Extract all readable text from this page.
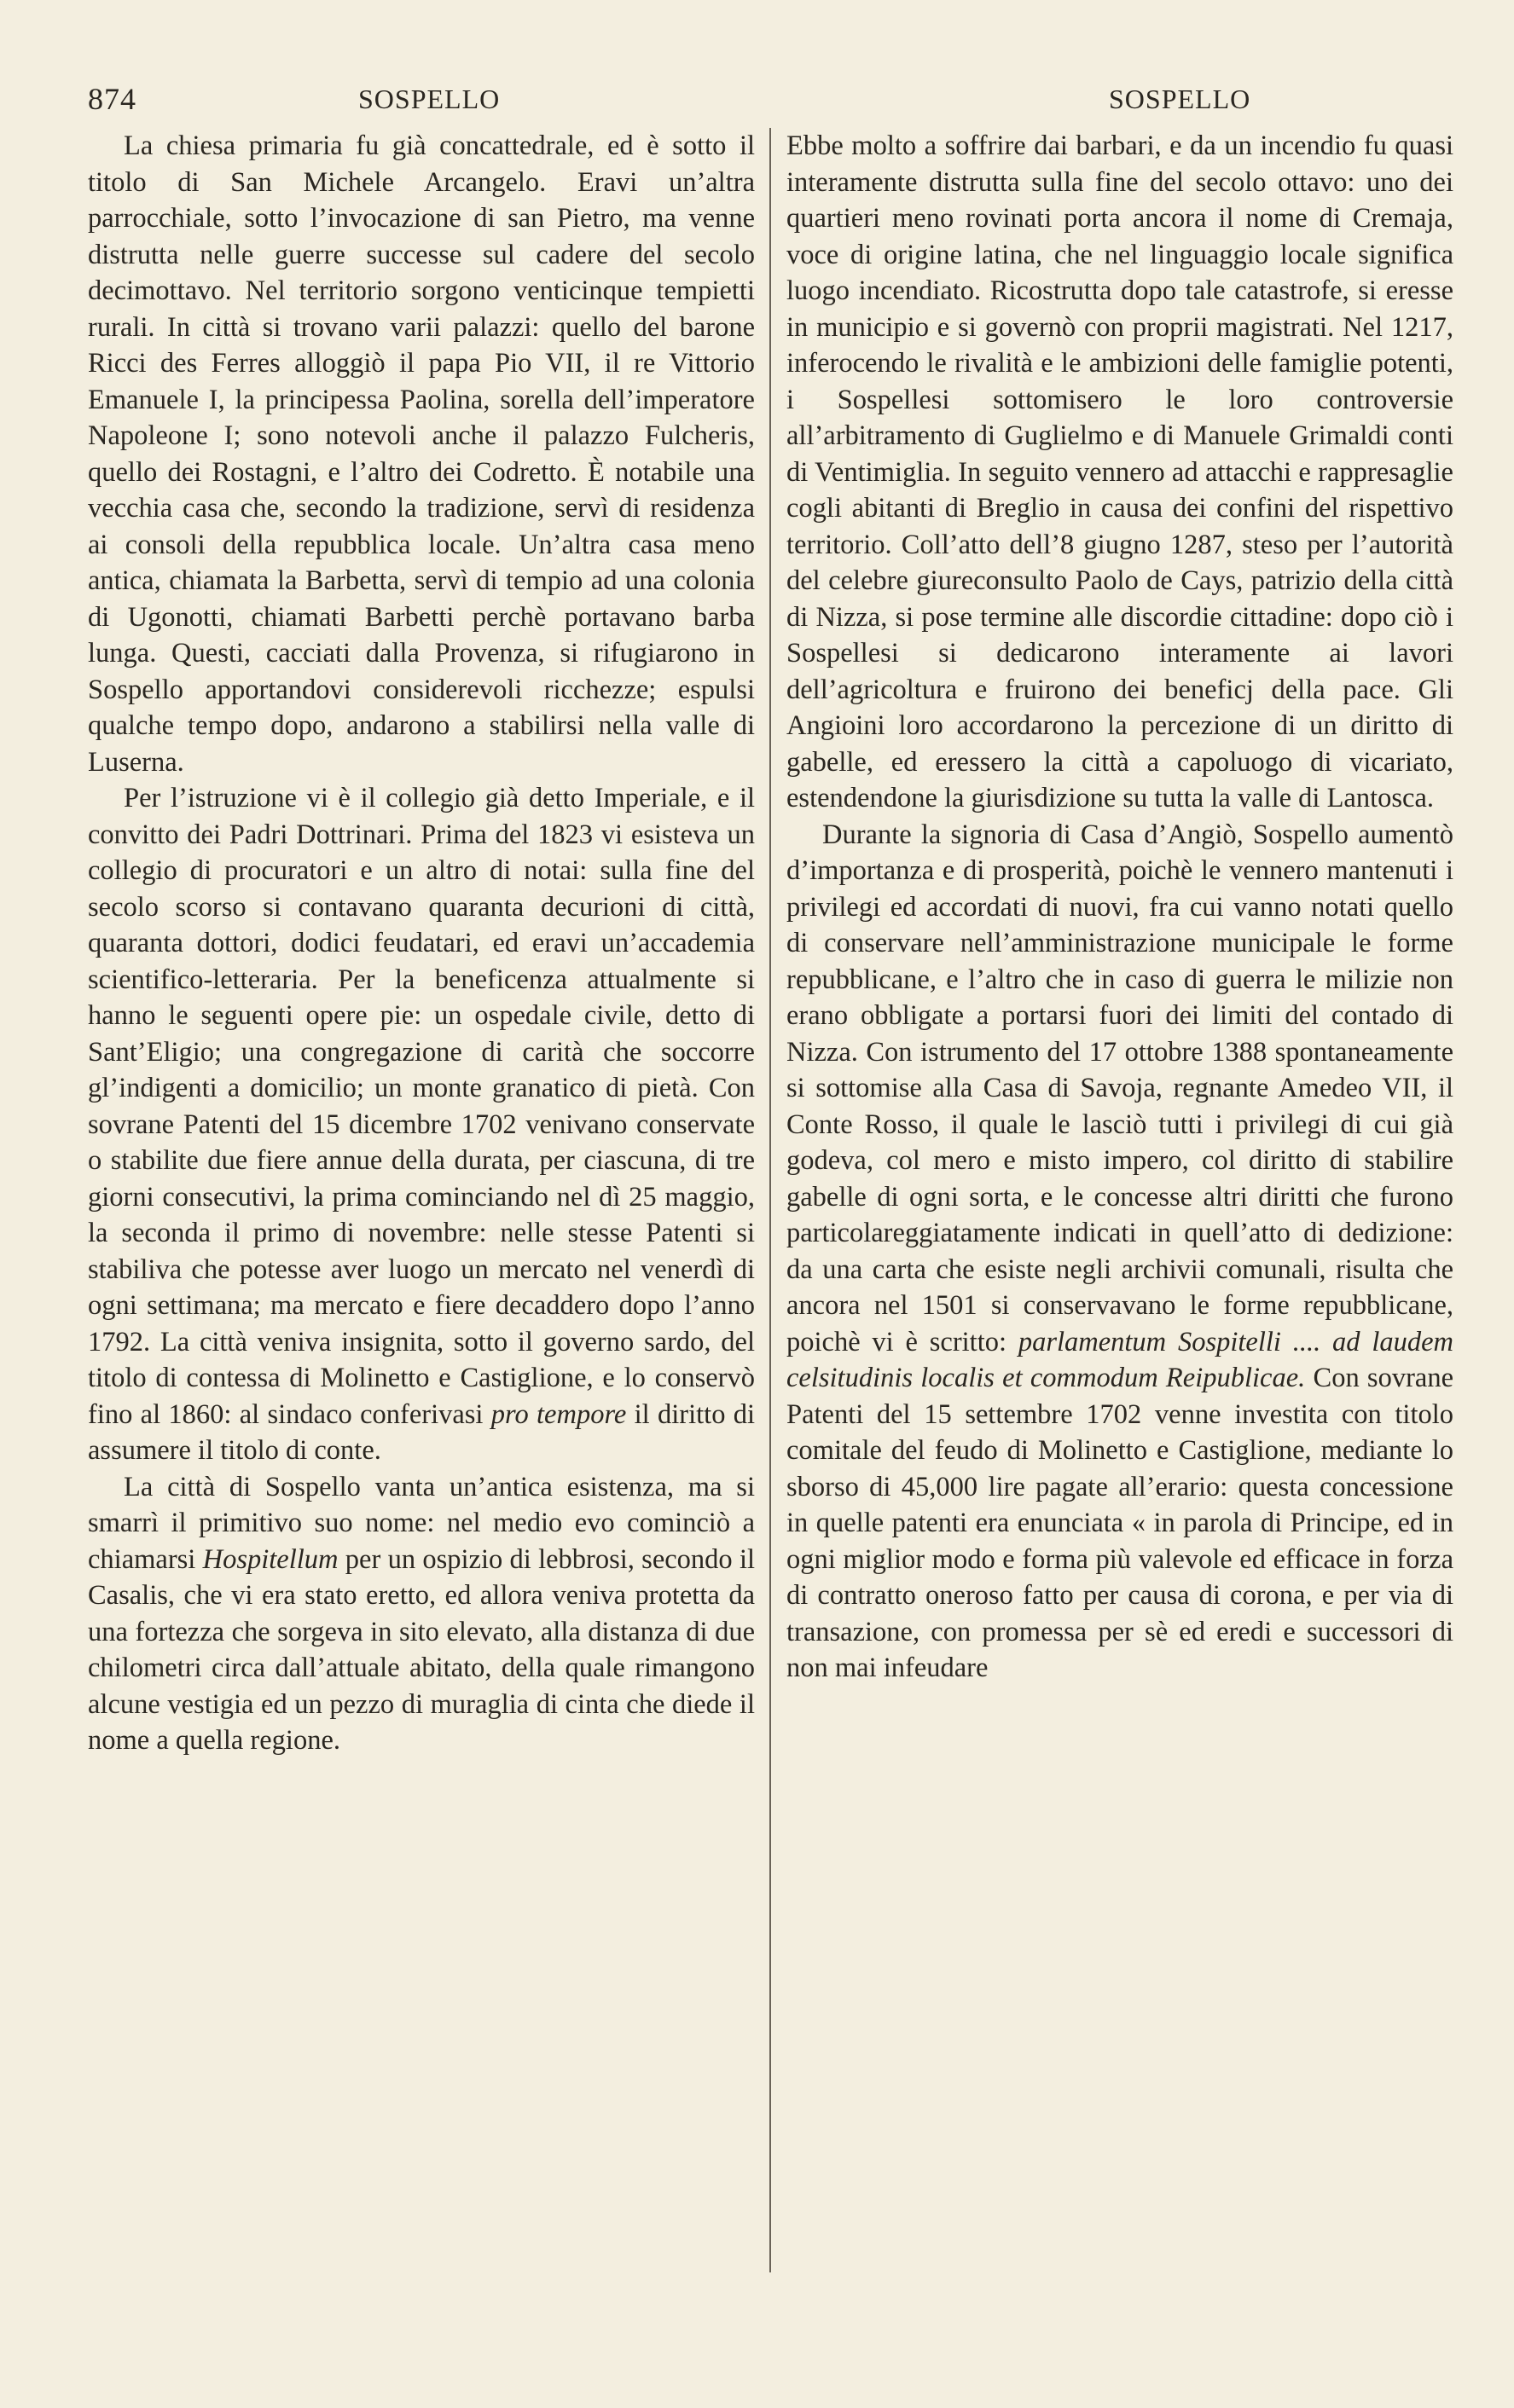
874	SOSPELLO	SOSPELLO

La chiesa primaria fu già concattedrale, ed è sotto il titolo di San Michele Arcangelo. Eravi un’altra parrocchiale, sotto l’invocazione di san Pietro, ma venne distrutta nelle guerre successe sul cadere del secolo decimottavo. Nel territorio sorgono venticinque tempietti rurali. In città si trovano varii palazzi: quello del barone Ricci des Ferres alloggiò il papa Pio VII, il re Vittorio Emanuele I, la principessa Paolina, sorella dell’imperatore Napoleone I; sono notevoli anche il palazzo Fulcheris, quello dei Rostagni, e l’altro dei Codretto. È notabile una vecchia casa che, secondo la tradizione, servì di residenza ai consoli della repubblica locale. Un’altra casa meno antica, chiamata la Barbetta, servì di tempio ad una colonia di Ugonotti, chiamati Barbetti perchè portavano barba lunga. Questi, cacciati dalla Provenza, si rifugiarono in Sospello apportandovi considerevoli ricchezze; espulsi qualche tempo dopo, andarono a stabilirsi nella valle di Luserna.

Per l’istruzione vi è il collegio già detto Imperiale, e il convitto dei Padri Dottrinari. Prima del 1823 vi esisteva un collegio di procuratori e un altro di notai: sulla fine del secolo scorso si contavano quaranta decurioni di città, quaranta dottori, dodici feudatari, ed eravi un’accademia scientifico-letteraria. Per la beneficenza attualmente si hanno le seguenti opere pie: un ospedale civile, detto di Sant’Eligio; una congregazione di carità che soccorre gl’indigenti a domicilio; un monte granatico di pietà. Con sovrane Patenti del 15 dicembre 1702 venivano conservate o stabilite due fiere annue della durata, per ciascuna, di tre giorni consecutivi, la prima cominciando nel dì 25 maggio, la seconda il primo di novembre: nelle stesse Patenti si stabiliva che potesse aver luogo un mercato nel venerdì di ogni settimana; ma mercato e fiere decaddero dopo l’anno 1792. La città veniva insignita, sotto il governo sardo, del titolo di contessa di Molinetto e Castiglione, e lo conservò fino al 1860: al sindaco conferivasi pro tempore il diritto di assumere il titolo di conte.

La città di Sospello vanta un’antica esistenza, ma si smarrì il primitivo suo nome: nel medio evo cominciò a chiamarsi Hospitellum per un ospizio di lebbrosi, secondo il Casalis, che vi era stato eretto, ed allora veniva protetta da una fortezza che sorgeva in sito elevato, alla distanza di due chilometri circa dall’attuale abitato, della quale rimangono alcune vestigia ed un pezzo di muraglia di cinta che diede il nome a quella regione.

Ebbe molto a soffrire dai barbari, e da un incendio fu quasi interamente distrutta sulla fine del secolo ottavo: uno dei quartieri meno rovinati porta ancora il nome di Cremaja, voce di origine latina, che nel linguaggio locale significa luogo incendiato. Ricostrutta dopo tale catastrofe, si eresse in municipio e si governò con proprii magistrati. Nel 1217, inferocendo le rivalità e le ambizioni delle famiglie potenti, i Sospellesi sottomisero le loro controversie all’arbitramento di Guglielmo e di Manuele Grimaldi conti di Ventimiglia. In seguito vennero ad attacchi e rappresaglie cogli abitanti di Breglio in causa dei confini del rispettivo territorio. Coll’atto dell’8 giugno 1287, steso per l’autorità del celebre giureconsulto Paolo de Cays, patrizio della città di Nizza, si pose termine alle discordie cittadine: dopo ciò i Sospellesi si dedicarono interamente ai lavori dell’agricoltura e fruirono dei beneficj della pace. Gli Angioini loro accordarono la percezione di un diritto di gabelle, ed eressero la città a capoluogo di vicariato, estendendone la giurisdizione su tutta la valle di Lantosca.

Durante la signoria di Casa d’Angiò, Sospello aumentò d’importanza e di prosperità, poichè le vennero mantenuti i privilegi ed accordati di nuovi, fra cui vanno notati quello di conservare nell’amministrazione municipale le forme repubblicane, e l’altro che in caso di guerra le milizie non erano obbligate a portarsi fuori dei limiti del contado di Nizza. Con istrumento del 17 ottobre 1388 spontaneamente si sottomise alla Casa di Savoja, regnante Amedeo VII, il Conte Rosso, il quale le lasciò tutti i privilegi di cui già godeva, col mero e misto impero, col diritto di stabilire gabelle di ogni sorta, e le concesse altri diritti che furono particolareggiatamente indicati in quell’atto di dedizione: da una carta che esiste negli archivii comunali, risulta che ancora nel 1501 si conservavano le forme repubblicane, poichè vi è scritto: parlamentum Sospitelli .... ad laudem celsitudinis localis et commodum Reipublicae. Con sovrane Patenti del 15 settembre 1702 venne investita con titolo comitale del feudo di Molinetto e Castiglione, mediante lo sborso di 45,000 lire pagate all’erario: questa concessione in quelle patenti era enunciata « in parola di Principe, ed in ogni miglior modo e forma più valevole ed efficace in forza di contratto oneroso fatto per causa di corona, e per via di transazione, con promessa per sè ed eredi e successori di non mai infeudare
